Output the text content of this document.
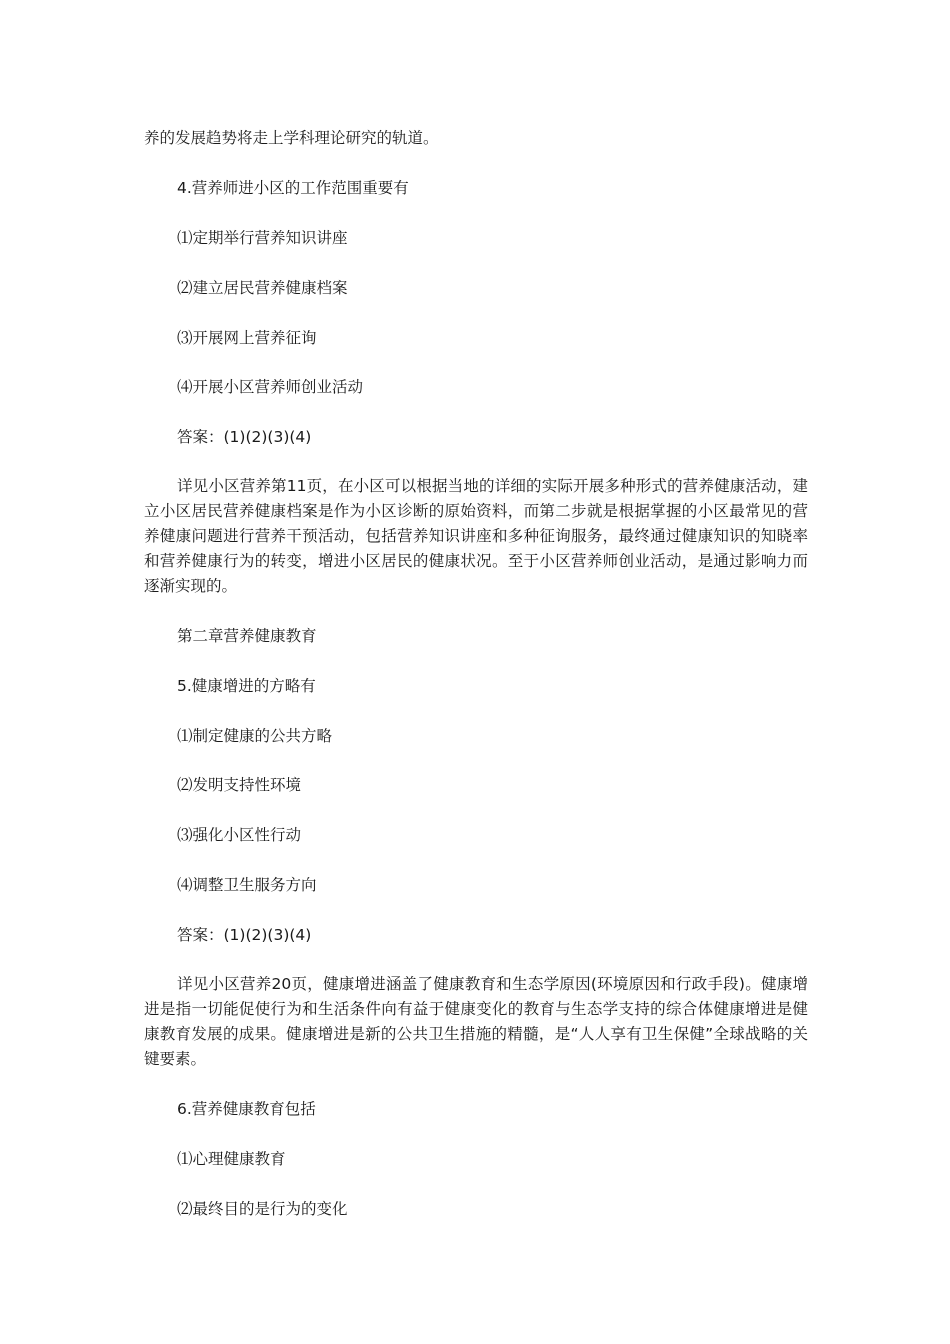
养的发展趋势将走上学科理论研究的轨道。
4.营养师进小区的工作范围重要有
⑴定期举行营养知识讲座
⑵建立居民营养健康档案
⑶开展网上营养征询
⑷开展小区营养师创业活动
答案：(1)(2)(3)(4)
详见小区营养第11页，在小区可以根据当地的详细的实际开展多种形式的营养健康活动，建立小区居民营养健康档案是作为小区诊断的原始资料，而第二步就是根据掌握的小区最常见的营养健康问题进行营养干预活动，包括营养知识讲座和多种征询服务，最终通过健康知识的知晓率和营养健康行为的转变，增进小区居民的健康状况。至于小区营养师创业活动，是通过影响力而逐渐实现的。
第二章营养健康教育
5.健康增进的方略有
⑴制定健康的公共方略
⑵发明支持性环境
⑶强化小区性行动
⑷调整卫生服务方向
答案：(1)(2)(3)(4)
详见小区营养20页，健康增进涵盖了健康教育和生态学原因(环境原因和行政手段)。健康增进是指一切能促使行为和生活条件向有益于健康变化的教育与生态学支持的综合体健康增进是健康教育发展的成果。健康增进是新的公共卫生措施的精髓，是“人人享有卫生保健”全球战略的关键要素。
6.营养健康教育包括
⑴心理健康教育
⑵最终目的是行为的变化
